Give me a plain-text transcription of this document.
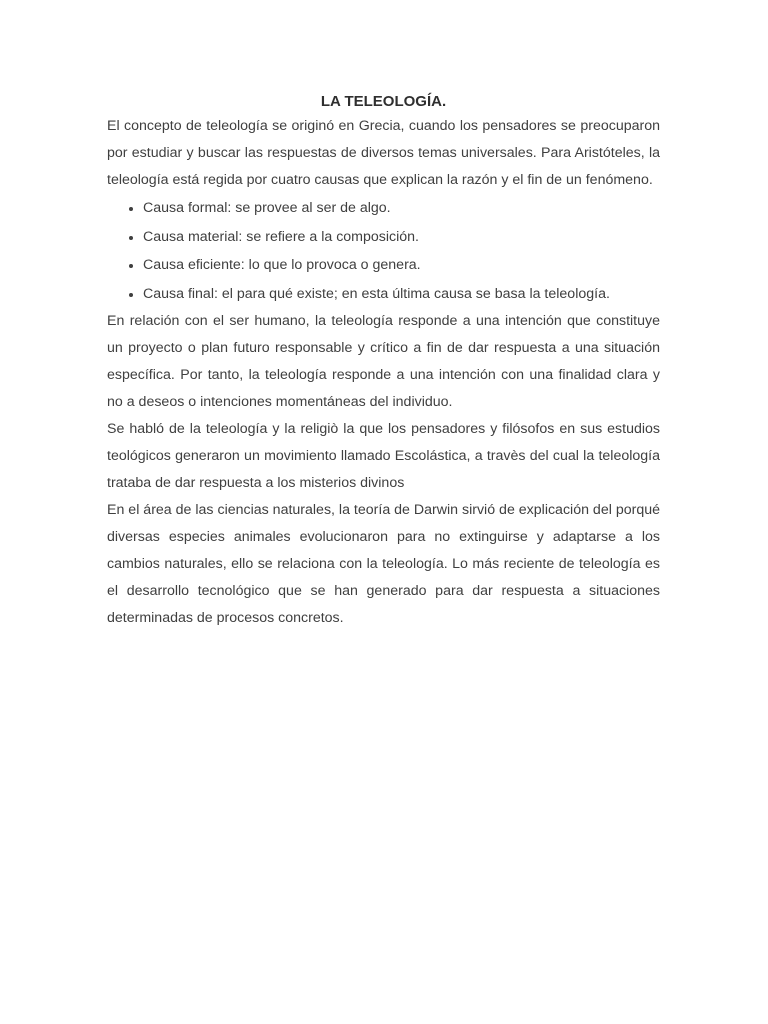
LA TELEOLOGÍA.

El concepto de teleología se originó en Grecia, cuando los pensadores se preocuparon por estudiar y buscar las respuestas de diversos temas universales. Para Aristóteles, la teleología está regida por cuatro causas que explican la razón y el fin de un fenómeno.

• Causa formal: se provee al ser de algo.
• Causa material: se refiere a la composición.
• Causa eficiente: lo que lo provoca o genera.
• Causa final: el para qué existe; en esta última causa se basa la teleología.

En relación con el ser humano, la teleología responde a una intención que constituye un proyecto o plan futuro responsable y crítico a fin de dar respuesta a una situación específica. Por tanto, la teleología responde a una intención con una finalidad clara y no a deseos o intenciones momentáneas del individuo.

Se habló de la teleología y la religiò la que los pensadores y filósofos en sus estudios teológicos generaron un movimiento llamado Escolástica, a travès del cual la teleología trataba de dar respuesta a los misterios divinos

En el área de las ciencias naturales, la teoría de Darwin sirvió de explicación del porqué diversas especies animales evolucionaron para no extinguirse y adaptarse a los cambios naturales, ello se relaciona con la teleología. Lo más reciente de teleología es el desarrollo tecnológico que se han generado para dar respuesta a situaciones determinadas de procesos concretos.
